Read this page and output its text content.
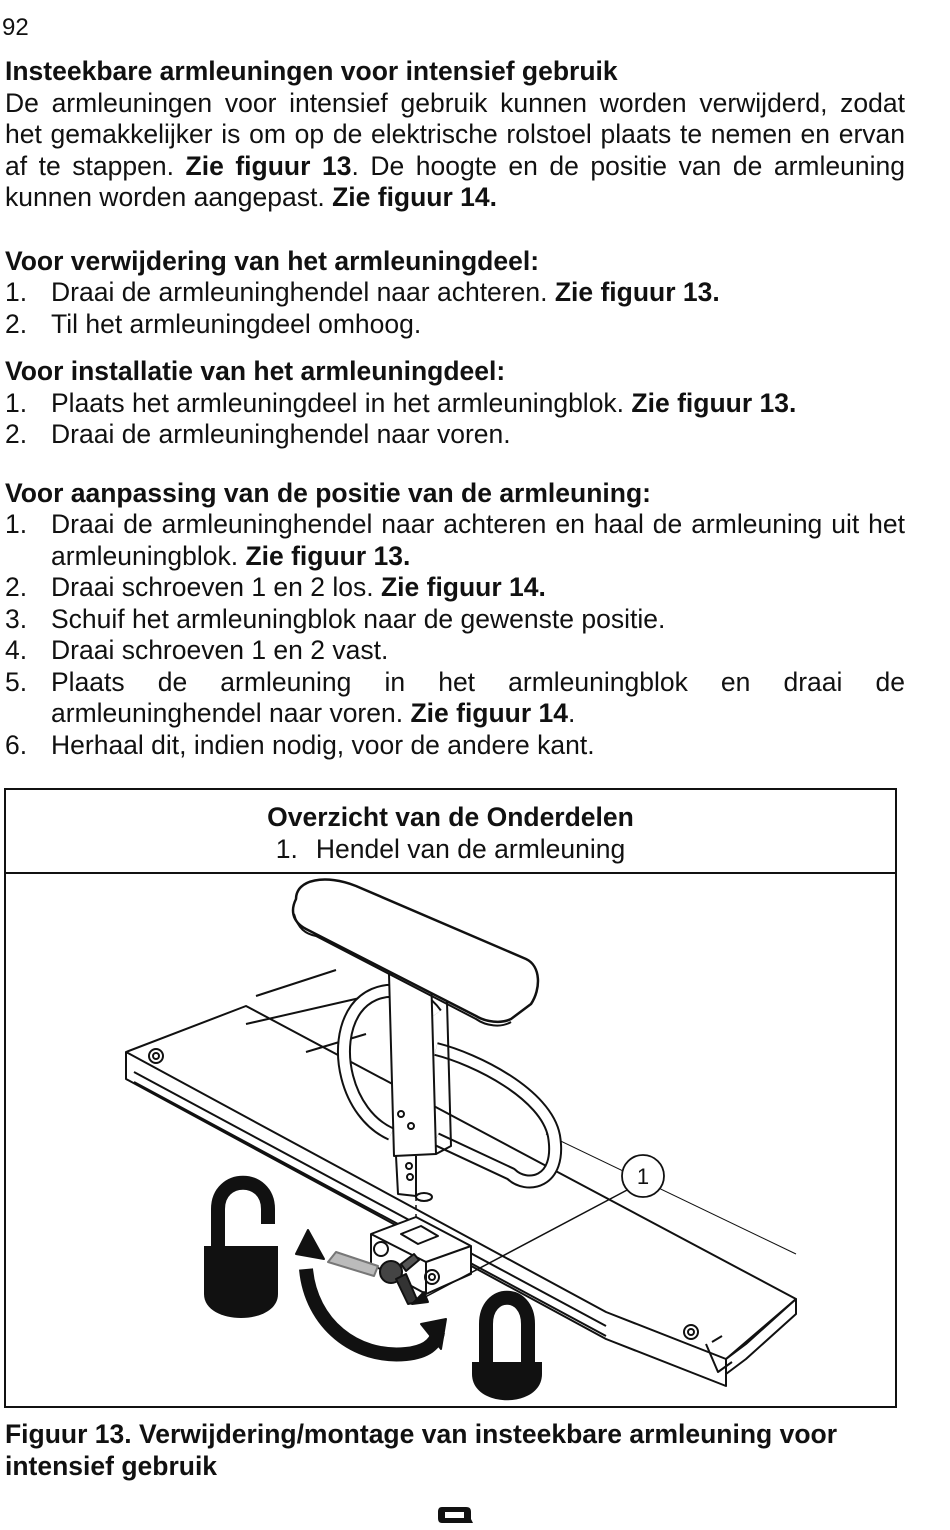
92
Insteekbare armleuningen voor intensief gebruik

De armleuningen voor intensief gebruik kunnen worden verwijderd, zodat het gemakkelijker is om op de elektrische rolstoel plaats te nemen en ervan af te stappen. Zie figuur 13. De hoogte en de positie van de armleuning kunnen worden aangepast. Zie figuur 14.

Voor verwijdering van het armleuningdeel:

1. Draai de armleuninghendel naar achteren. Zie figuur 13.
2. Til het armleuningdeel omhoog.

Voor installatie van het armleuningdeel:

1. Plaats het armleuningdeel in het armleuningblok. Zie figuur 13.
2. Draai de armleuninghendel naar voren.

Voor aanpassing van de positie van de armleuning:

1. Draai de armleuninghendel naar achteren en haal de armleuning uit het armleuningblok. Zie figuur 13.
2. Draai schroeven 1 en 2 los. Zie figuur 14.
3. Schuif het armleuningblok naar de gewenste positie.
4. Draai schroeven 1 en 2 vast.
5. Plaats de armleuning in het armleuningblok en draai de armleuninghendel naar voren. Zie figuur 14.
6. Herhaal dit, indien nodig, voor de andere kant.
Overzicht van de Onderdelen
1. Hendel van de armleuning
1
Figuur 13. Verwijdering/montage van insteekbare armleuning voor intensief gebruik
